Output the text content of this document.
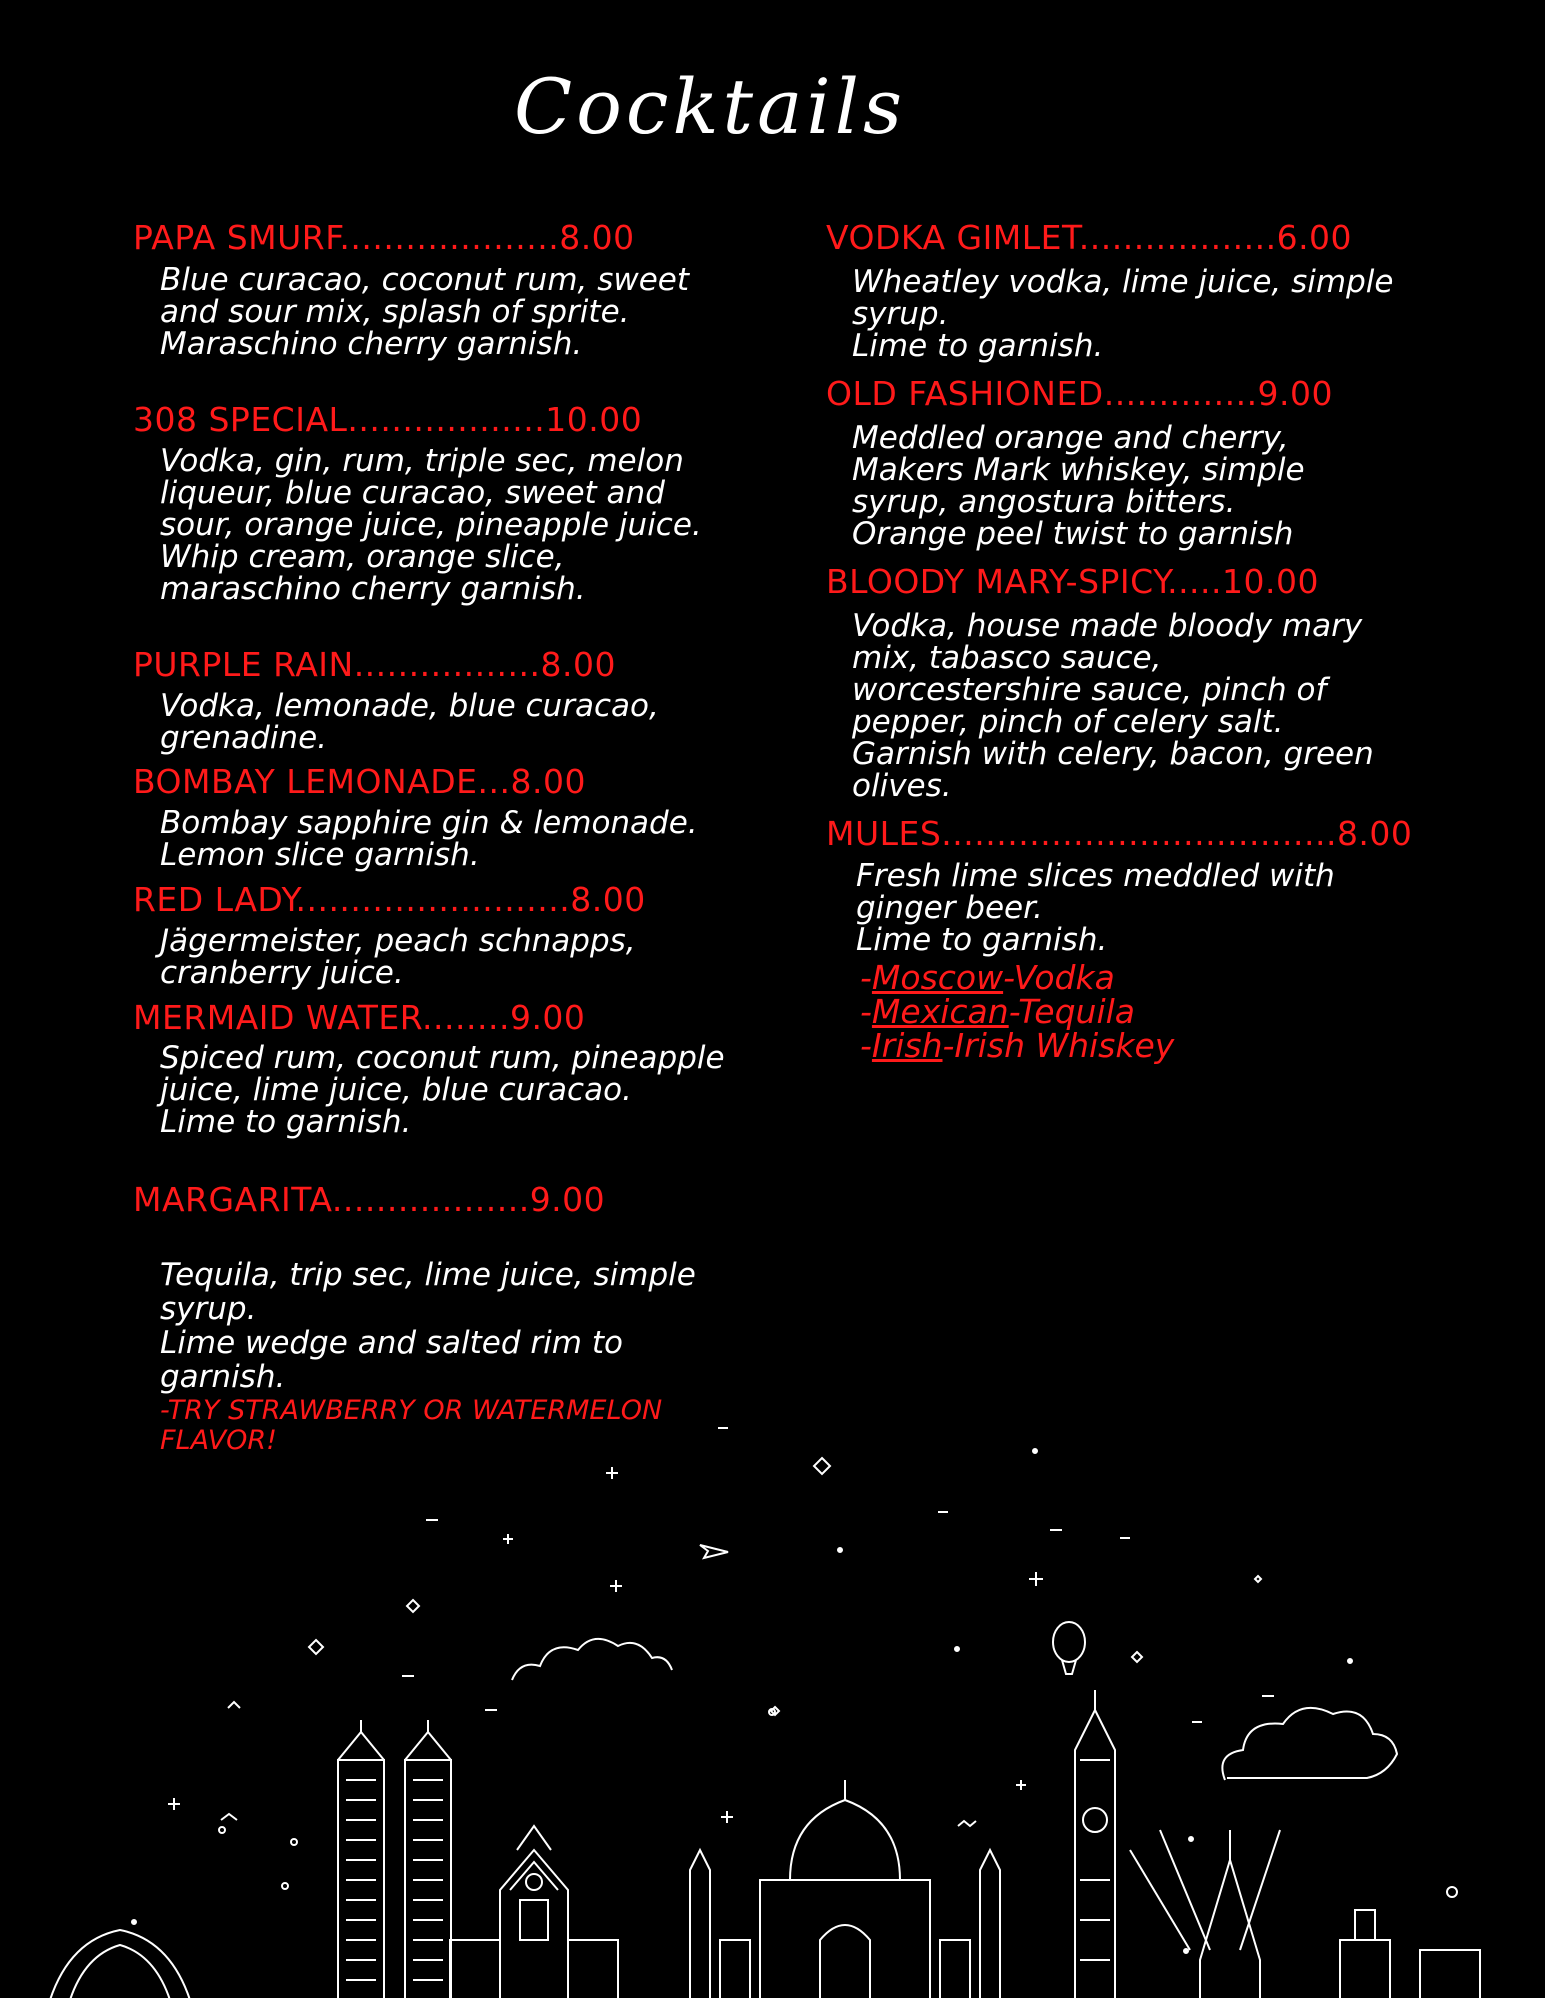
Cocktails
PAPA SMURF....................8.00
Blue curacao, coconut rum, sweet
and sour mix, splash of sprite.
Maraschino cherry garnish.
308 SPECIAL..................10.00
Vodka, gin, rum, triple sec, melon
liqueur, blue curacao, sweet and
sour, orange juice, pineapple juice.
Whip cream, orange slice,
maraschino cherry garnish.
PURPLE RAIN.................8.00
Vodka, lemonade, blue curacao,
grenadine.
BOMBAY LEMONADE...8.00
Bombay sapphire gin & lemonade.
Lemon slice garnish.
RED LADY.........................8.00
Jägermeister, peach schnapps,
cranberry juice.
MERMAID WATER........9.00
Spiced rum, coconut rum, pineapple
juice, lime juice, blue curacao.
Lime to garnish.
MARGARITA..................9.00

Tequila, trip sec, lime juice, simple
syrup.
Lime wedge and salted rim to
garnish.

-TRY STRAWBERRY OR WATERMELON
FLAVOR!

VODKA GIMLET..................6.00
Wheatley vodka, lime juice, simple
syrup.
Lime to garnish.
OLD FASHIONED..............9.00
Meddled orange and cherry,
Makers Mark whiskey, simple
syrup, angostura bitters.
Orange peel twist to garnish
BLOODY MARY-SPICY.....10.00
Vodka, house made bloody mary
mix, tabasco sauce,
worcestershire sauce, pinch of
pepper, pinch of celery salt.
Garnish with celery, bacon, green
olives.
MULES....................................8.00
Fresh lime slices meddled with
ginger beer.
Lime to garnish.
-Moscow-Vodka
-Mexican-Tequila
-Irish-Irish Whiskey
